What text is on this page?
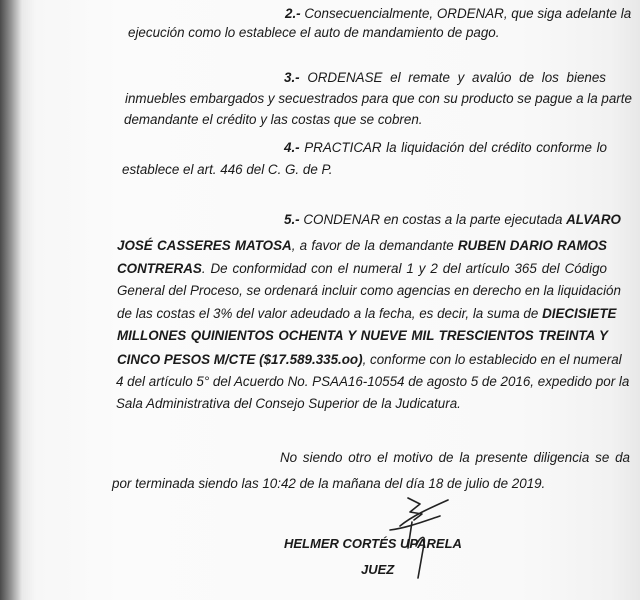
2.- Consecuencialmente, ORDENAR, que siga adelante la
ejecución como lo establece el auto de mandamiento de pago.
3.- ORDENASE el remate y avalúo de los bienes
inmuebles embargados y secuestrados para que con su producto se pague a la parte
demandante el crédito y las costas que se cobren.
4.- PRACTICAR la liquidación del crédito conforme lo
establece el art. 446 del C. G. de P.
5.- CONDENAR en costas a la parte ejecutada ALVARO
JOSÉ CASSERES MATOSA, a favor de la demandante RUBEN DARIO RAMOS
CONTRERAS. De conformidad con el numeral 1 y 2 del artículo 365 del Código
General del Proceso, se ordenará incluir como agencias en derecho en la liquidación
de las costas el 3% del valor adeudado a la fecha, es decir, la suma de DIECISIETE
MILLONES QUINIENTOS OCHENTA Y NUEVE MIL TRESCIENTOS TREINTA Y
CINCO PESOS M/CTE ($17.589.335.oo), conforme con lo establecido en el numeral
4 del artículo 5° del Acuerdo No. PSAA16-10554 de agosto 5 de 2016, expedido por la
Sala Administrativa del Consejo Superior de la Judicatura.
No siendo otro el motivo de la presente diligencia se da
por terminada siendo las 10:42 de la mañana del día 18 de julio de 2019.
HELMER CORTÉS UPARELA
JUEZ
